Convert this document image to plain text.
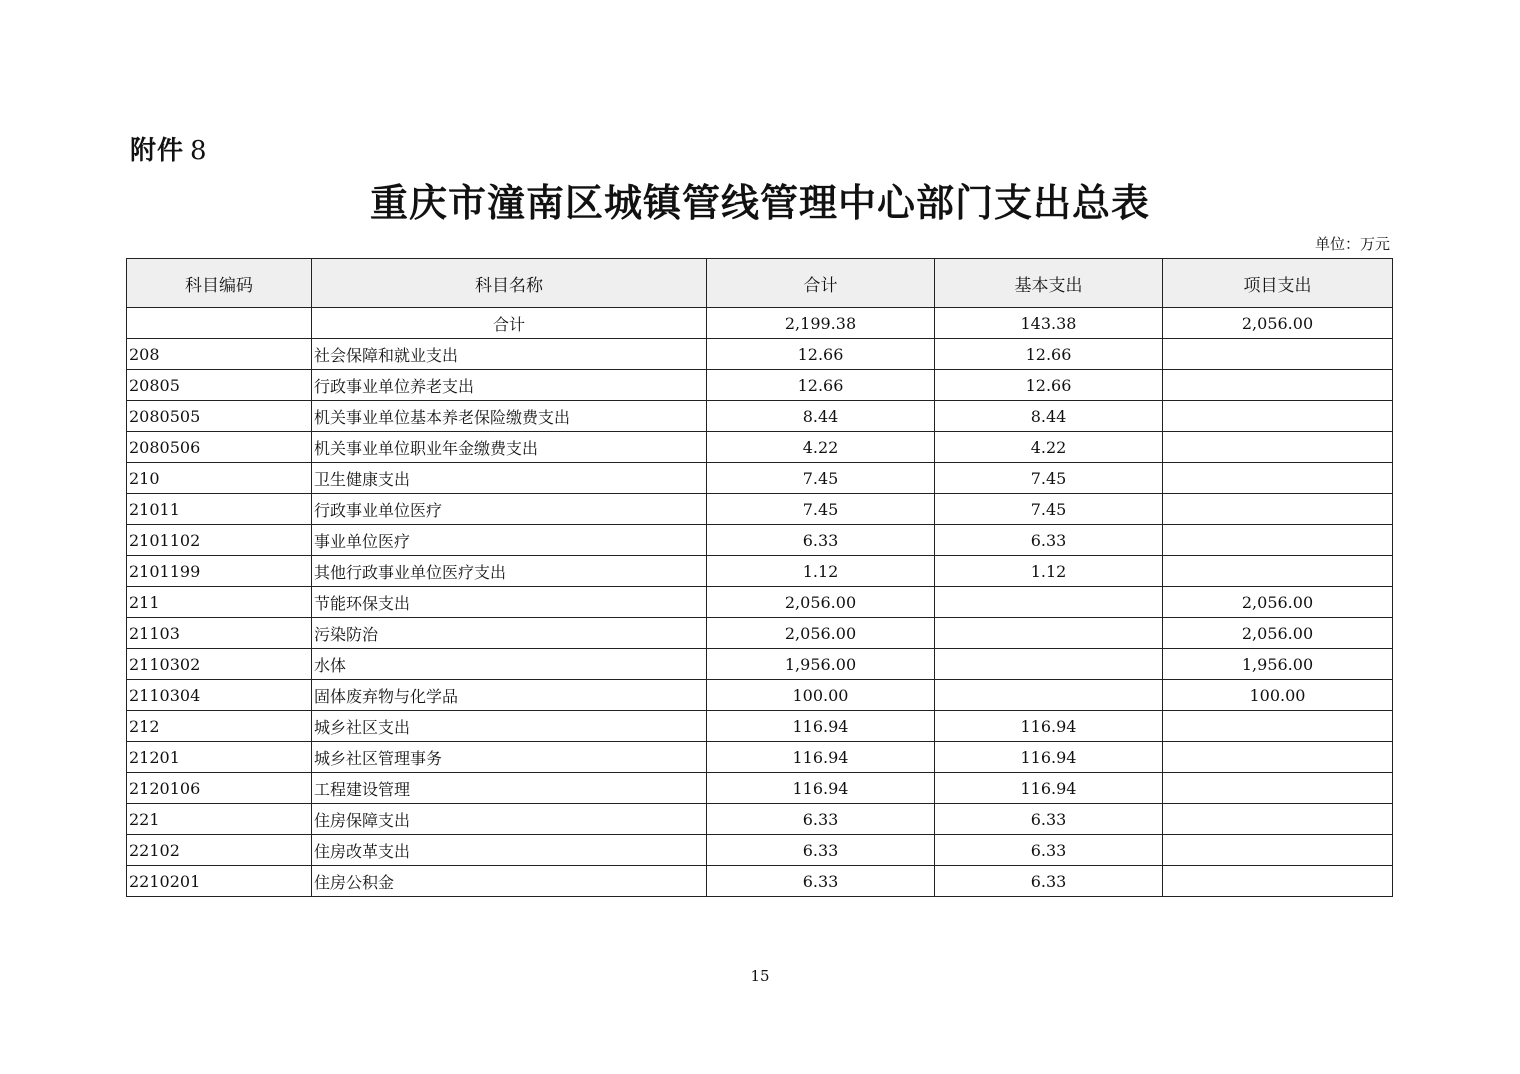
附件 8
重庆市潼南区城镇管线管理中心部门支出总表
单位：万元
科目编码	科目名称	合计	基本支出	项目支出
	合计	2,199.38	143.38	2,056.00
208	社会保障和就业支出	12.66	12.66	
20805	行政事业单位养老支出	12.66	12.66	
2080505	机关事业单位基本养老保险缴费支出	8.44	8.44	
2080506	机关事业单位职业年金缴费支出	4.22	4.22	
210	卫生健康支出	7.45	7.45	
21011	行政事业单位医疗	7.45	7.45	
2101102	事业单位医疗	6.33	6.33	
2101199	其他行政事业单位医疗支出	1.12	1.12	
211	节能环保支出	2,056.00		2,056.00
21103	污染防治	2,056.00		2,056.00
2110302	水体	1,956.00		1,956.00
2110304	固体废弃物与化学品	100.00		100.00
212	城乡社区支出	116.94	116.94	
21201	城乡社区管理事务	116.94	116.94	
2120106	工程建设管理	116.94	116.94	
221	住房保障支出	6.33	6.33	
22102	住房改革支出	6.33	6.33	
2210201	住房公积金	6.33	6.33	
15
